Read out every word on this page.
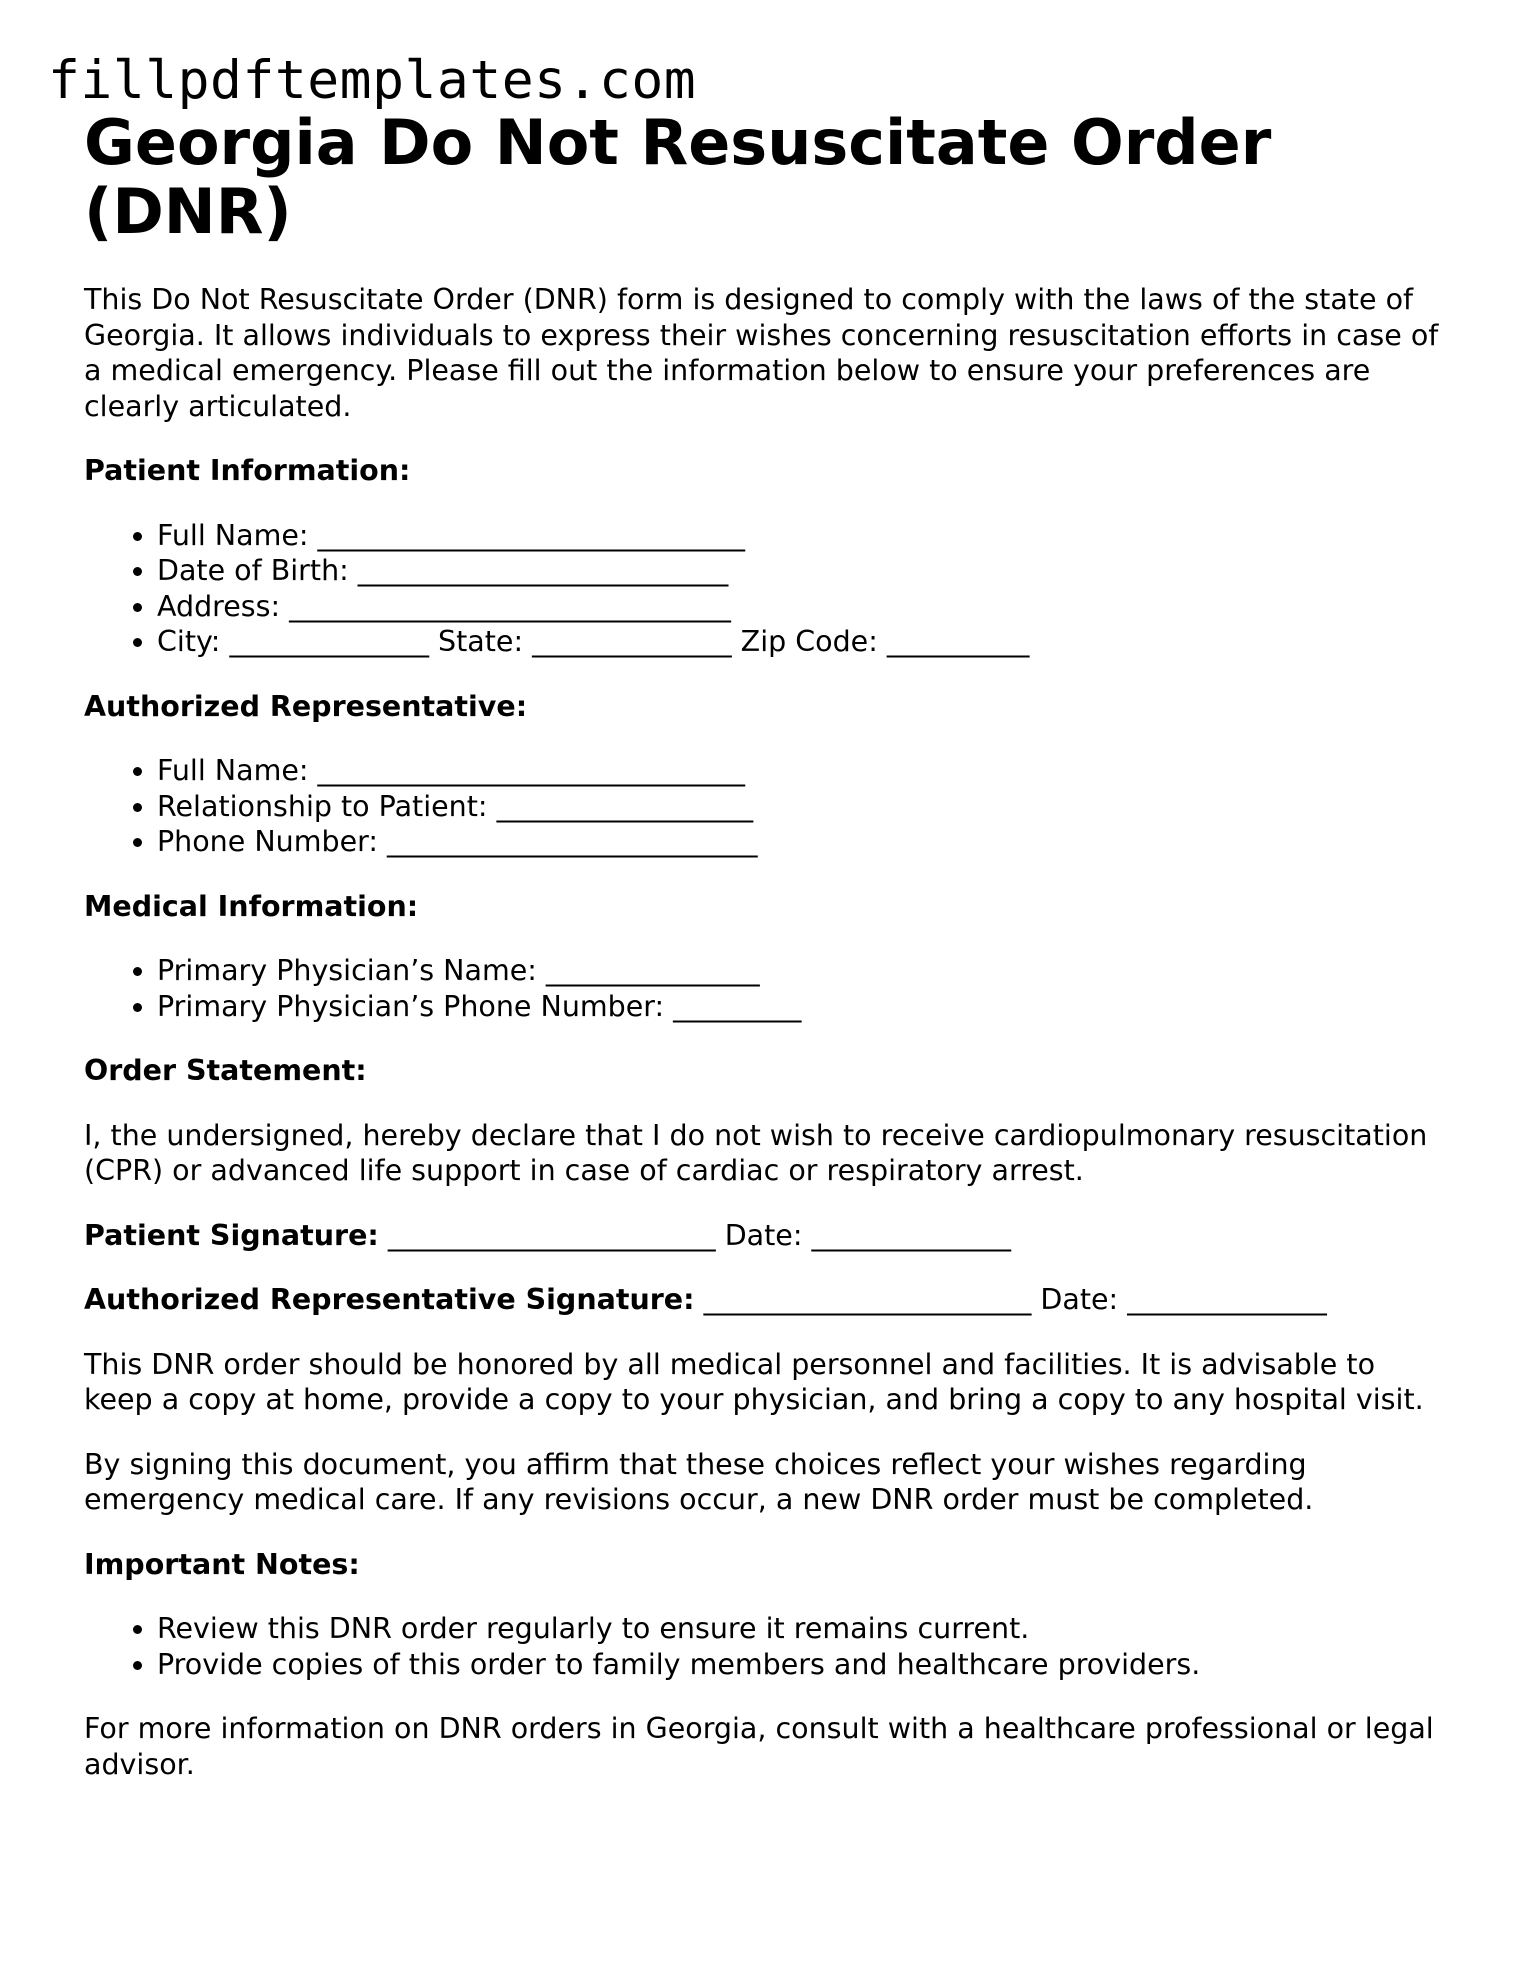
fillpdftemplates.com
Georgia Do Not Resuscitate Order (DNR)

This Do Not Resuscitate Order (DNR) form is designed to comply with the laws of the state of Georgia. It allows individuals to express their wishes concerning resuscitation efforts in case of a medical emergency. Please fill out the information below to ensure your preferences are clearly articulated.

Patient Information:

• Full Name: ______________________________
• Date of Birth: __________________________
• Address: _______________________________
• City: ______________ State: ______________ Zip Code: __________

Authorized Representative:

• Full Name: ______________________________
• Relationship to Patient: __________________
• Phone Number: __________________________

Medical Information:

• Primary Physician’s Name: _______________
• Primary Physician’s Phone Number: _________

Order Statement:

I, the undersigned, hereby declare that I do not wish to receive cardiopulmonary resuscitation (CPR) or advanced life support in case of cardiac or respiratory arrest.

Patient Signature: _______________________ Date: ______________

Authorized Representative Signature: _______________________ Date: ______________

This DNR order should be honored by all medical personnel and facilities. It is advisable to keep a copy at home, provide a copy to your physician, and bring a copy to any hospital visit.

By signing this document, you affirm that these choices reflect your wishes regarding emergency medical care. If any revisions occur, a new DNR order must be completed.

Important Notes:

• Review this DNR order regularly to ensure it remains current.
• Provide copies of this order to family members and healthcare providers.

For more information on DNR orders in Georgia, consult with a healthcare professional or legal advisor.
